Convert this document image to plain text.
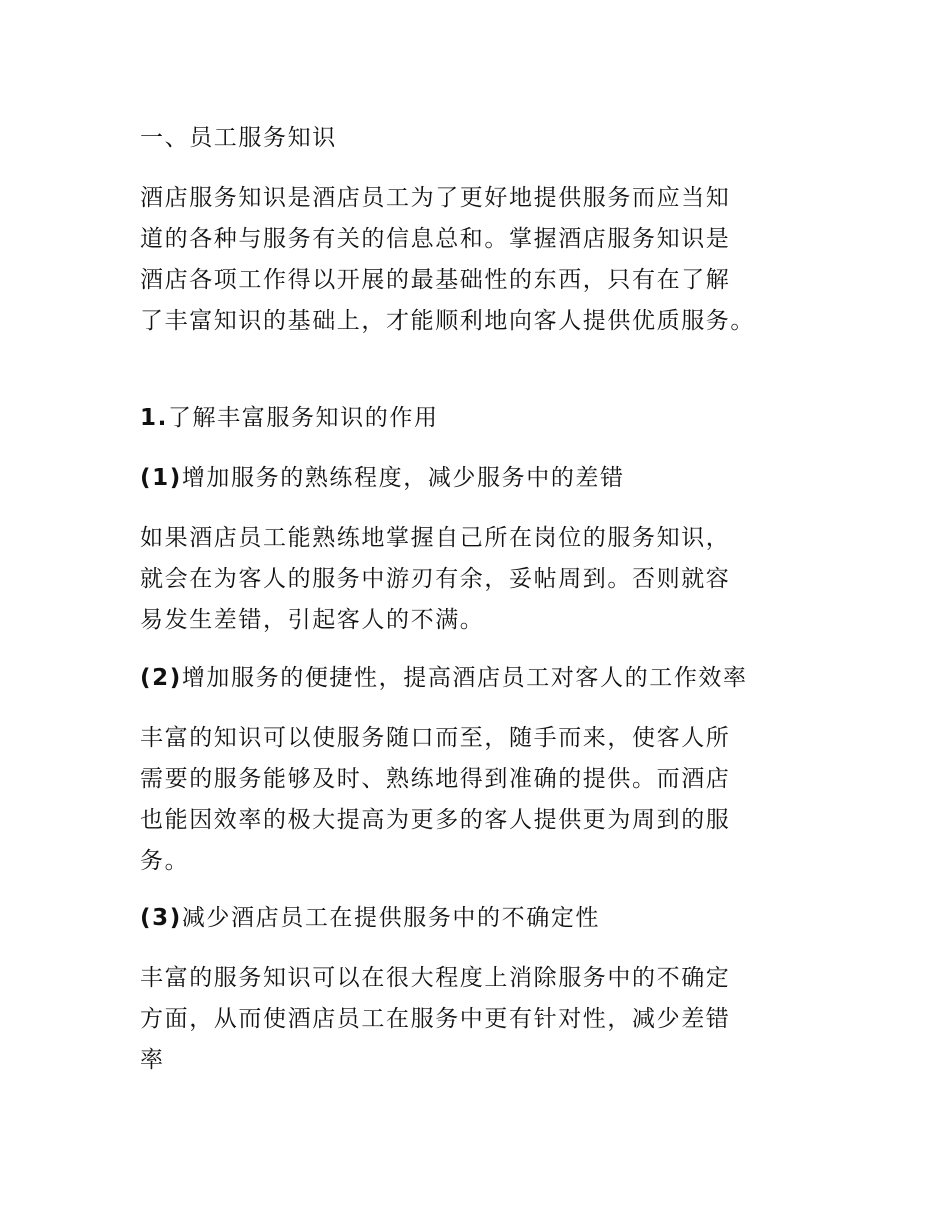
一、员工服务知识
酒店服务知识是酒店员工为了更好地提供服务而应当知
道的各种与服务有关的信息总和。掌握酒店服务知识是
酒店各项工作得以开展的最基础性的东西，只有在了解
了丰富知识的基础上，才能顺利地向客人提供优质服务。
1.了解丰富服务知识的作用
(1)增加服务的熟练程度，减少服务中的差错
如果酒店员工能熟练地掌握自己所在岗位的服务知识，
就会在为客人的服务中游刃有余，妥帖周到。否则就容
易发生差错，引起客人的不满。
(2)增加服务的便捷性，提高酒店员工对客人的工作效率
丰富的知识可以使服务随口而至，随手而来，使客人所
需要的服务能够及时、熟练地得到准确的提供。而酒店
也能因效率的极大提高为更多的客人提供更为周到的服
务。
(3)减少酒店员工在提供服务中的不确定性
丰富的服务知识可以在很大程度上消除服务中的不确定
方面，从而使酒店员工在服务中更有针对性，减少差错
率
